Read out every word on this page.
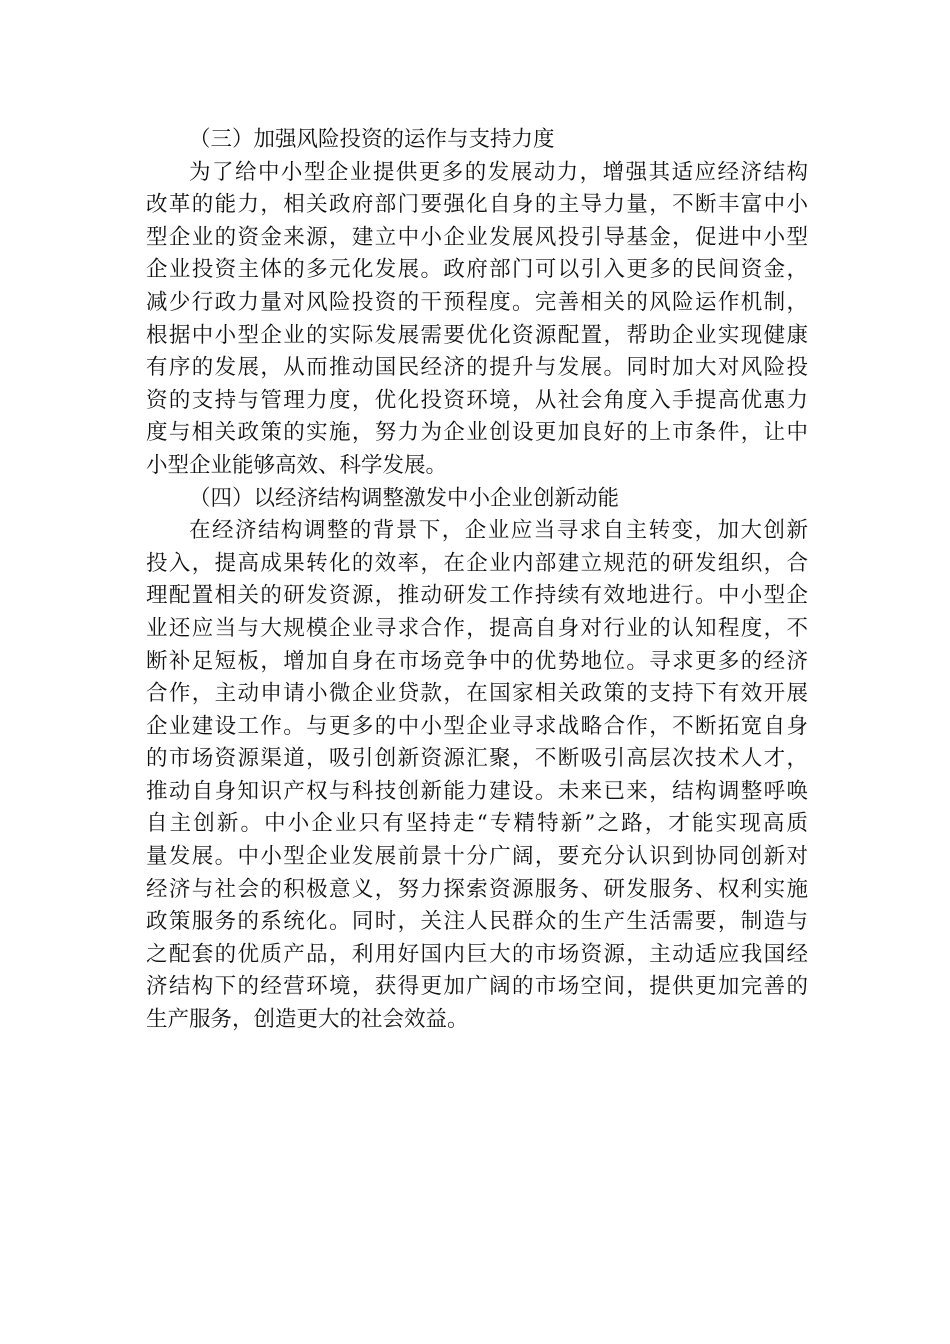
（三）加强风险投资的运作与支持力度

为了给中小型企业提供更多的发展动力，增强其适应经济结构
改革的能力，相关政府部门要强化自身的主导力量，不断丰富中小
型企业的资金来源，建立中小企业发展风投引导基金，促进中小型
企业投资主体的多元化发展。政府部门可以引入更多的民间资金，
减少行政力量对风险投资的干预程度。完善相关的风险运作机制，
根据中小型企业的实际发展需要优化资源配置，帮助企业实现健康
有序的发展，从而推动国民经济的提升与发展。同时加大对风险投
资的支持与管理力度，优化投资环境，从社会角度入手提高优惠力
度与相关政策的实施，努力为企业创设更加良好的上市条件，让中
小型企业能够高效、科学发展。

（四）以经济结构调整激发中小企业创新动能

在经济结构调整的背景下，企业应当寻求自主转变，加大创新
投入，提高成果转化的效率，在企业内部建立规范的研发组织，合
理配置相关的研发资源，推动研发工作持续有效地进行。中小型企
业还应当与大规模企业寻求合作，提高自身对行业的认知程度，不
断补足短板，增加自身在市场竞争中的优势地位。寻求更多的经济
合作，主动申请小微企业贷款，在国家相关政策的支持下有效开展
企业建设工作。与更多的中小型企业寻求战略合作，不断拓宽自身
的市场资源渠道，吸引创新资源汇聚，不断吸引高层次技术人才，
推动自身知识产权与科技创新能力建设。未来已来，结构调整呼唤
自主创新。中小企业只有坚持走“专精特新”之路，才能实现高质
量发展。中小型企业发展前景十分广阔，要充分认识到协同创新对
经济与社会的积极意义，努力探索资源服务、研发服务、权利实施
政策服务的系统化。同时，关注人民群众的生产生活需要，制造与
之配套的优质产品，利用好国内巨大的市场资源，主动适应我国经
济结构下的经营环境，获得更加广阔的市场空间，提供更加完善的
生产服务，创造更大的社会效益。
